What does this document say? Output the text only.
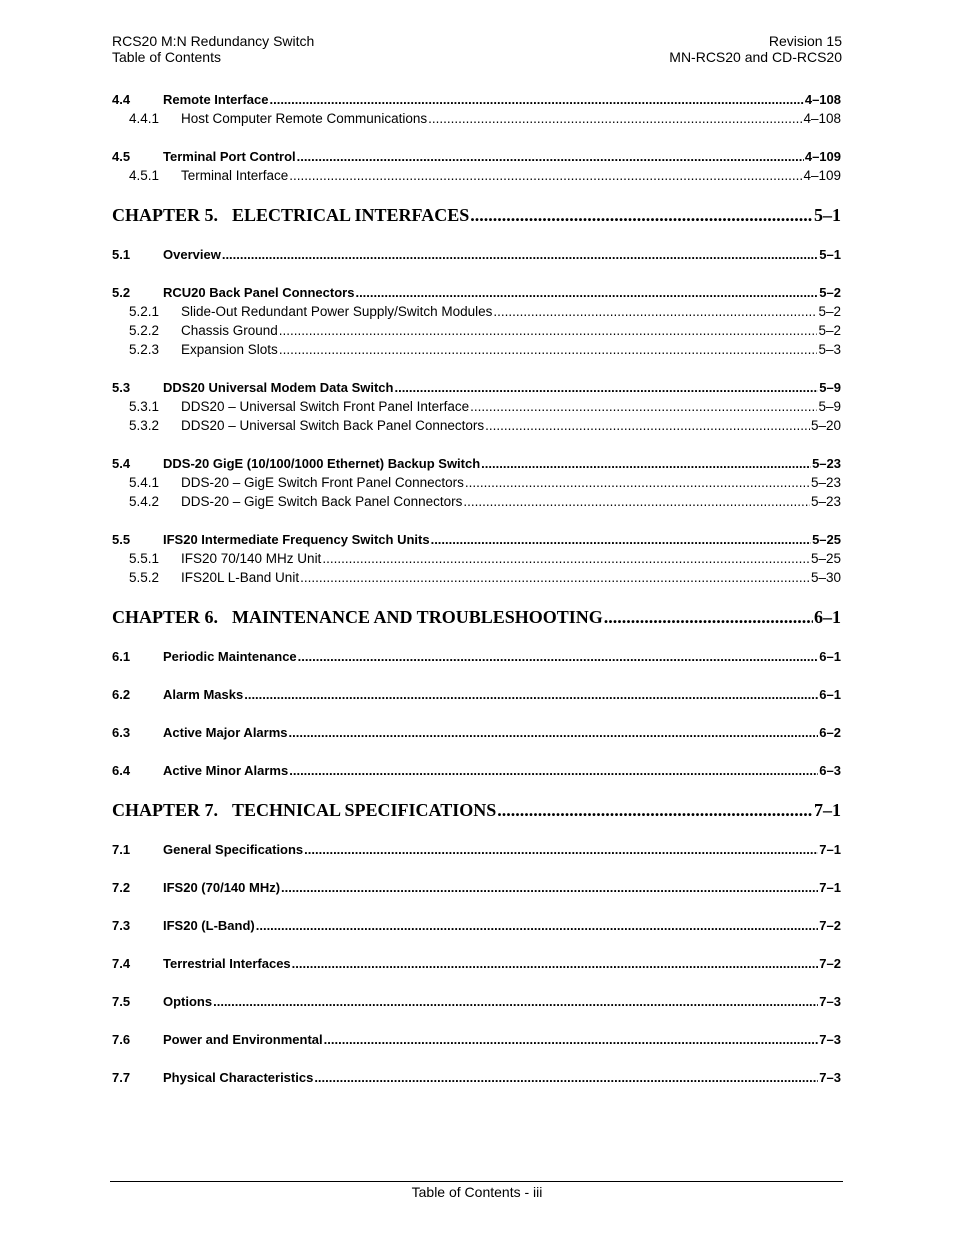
RCS20 M:N Redundancy Switch
Table of Contents
Revision 15
MN-RCS20 and CD-RCS20
4.4	Remote Interface .....	4–108
4.4.1	Host Computer Remote Communications .....	4–108
4.5	Terminal Port Control .....	4–109
4.5.1	Terminal Interface .....	4–109
CHAPTER 5. ELECTRICAL INTERFACES .....	5–1
5.1	Overview .....	5–1
5.2	RCU20 Back Panel Connectors .....	5–2
5.2.1	Slide-Out Redundant Power Supply/Switch Modules .....	5–2
5.2.2	Chassis Ground .....	5–2
5.2.3	Expansion Slots .....	5–3
5.3	DDS20 Universal Modem Data Switch .....	5–9
5.3.1	DDS20 – Universal Switch Front Panel Interface .....	5–9
5.3.2	DDS20 – Universal Switch Back Panel Connectors .....	5–20
5.4	DDS-20 GigE (10/100/1000 Ethernet) Backup Switch .....	5–23
5.4.1	DDS-20 – GigE Switch Front Panel Connectors .....	5–23
5.4.2	DDS-20 – GigE Switch Back Panel Connectors .....	5–23
5.5	IFS20 Intermediate Frequency Switch Units .....	5–25
5.5.1	IFS20 70/140 MHz Unit .....	5–25
5.5.2	IFS20L L-Band Unit .....	5–30
CHAPTER 6. MAINTENANCE AND TROUBLESHOOTING .....	6–1
6.1	Periodic Maintenance .....	6–1
6.2	Alarm Masks .....	6–1
6.3	Active Major Alarms .....	6–2
6.4	Active Minor Alarms .....	6–3
CHAPTER 7. TECHNICAL SPECIFICATIONS .....	7–1
7.1	General Specifications .....	7–1
7.2	IFS20 (70/140 MHz) .....	7–1
7.3	IFS20 (L-Band) .....	7–2
7.4	Terrestrial Interfaces .....	7–2
7.5	Options .....	7–3
7.6	Power and Environmental .....	7–3
7.7	Physical Characteristics .....	7–3
Table of Contents - iii
